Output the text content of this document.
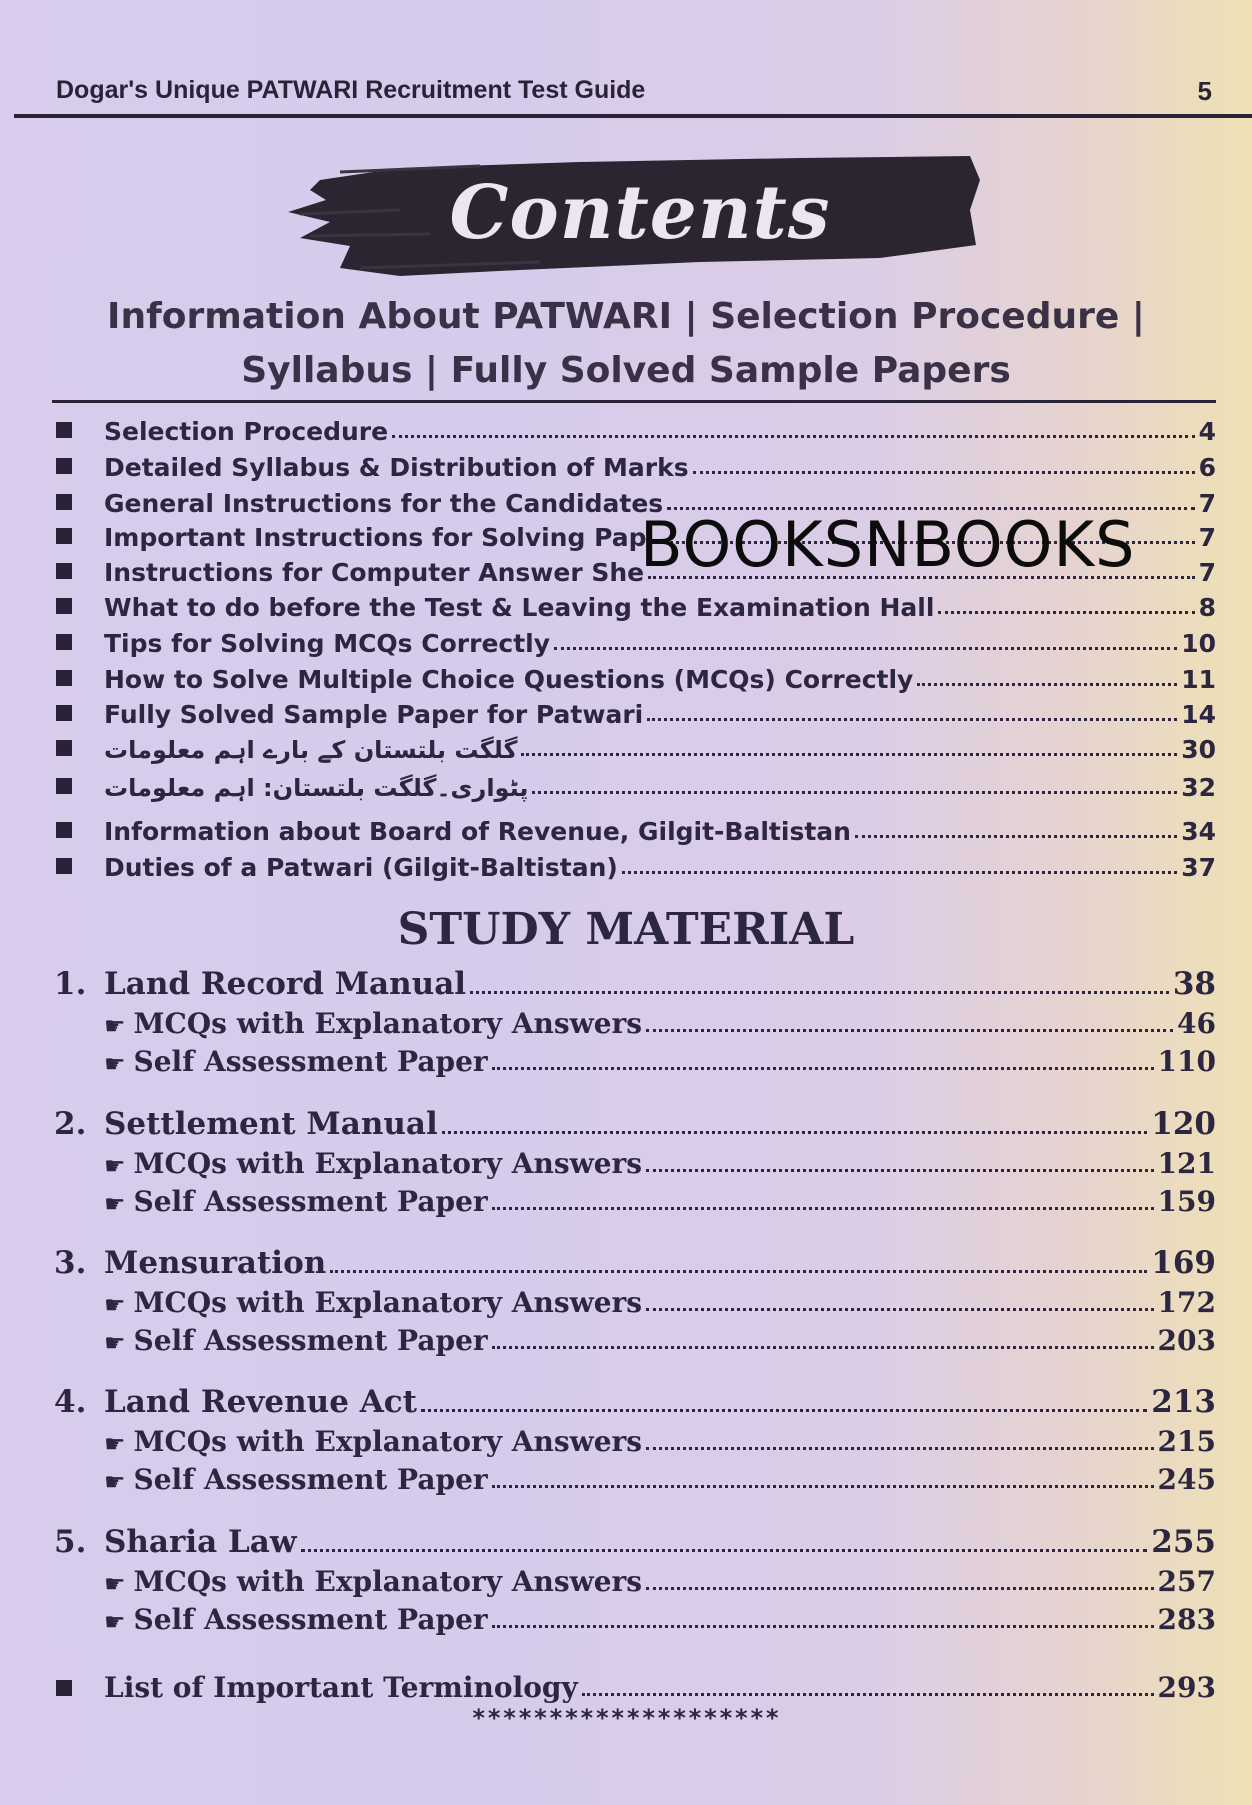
Dogar's Unique PATWARI Recruitment Test Guide	5
Contents
Information About PATWARI | Selection Procedure |
Syllabus | Fully Solved Sample Papers
Selection Procedure	4
Detailed Syllabus & Distribution of Marks	6
General Instructions for the Candidates	7
Important Instructions for Solving Pap	7
Instructions for Computer Answer She	7
What to do before the Test & Leaving the Examination Hall	8
Tips for Solving MCQs Correctly	10
How to Solve Multiple Choice Questions (MCQs) Correctly	11
Fully Solved Sample Paper for Patwari	14
گلگت بلتستان کے بارے اہم معلومات	30
پٹواری۔گلگت بلتستان: اہم معلومات	32
Information about Board of Revenue, Gilgit-Baltistan	34
Duties of a Patwari (Gilgit-Baltistan)	37
BOOKSNBOOKS
STUDY MATERIAL
1. Land Record Manual	38
☛ MCQs with Explanatory Answers	46
☛ Self Assessment Paper	110
2. Settlement Manual	120
☛ MCQs with Explanatory Answers	121
☛ Self Assessment Paper	159
3. Mensuration	169
☛ MCQs with Explanatory Answers	172
☛ Self Assessment Paper	203
4. Land Revenue Act	213
☛ MCQs with Explanatory Answers	215
☛ Self Assessment Paper	245
5. Sharia Law	255
☛ MCQs with Explanatory Answers	257
☛ Self Assessment Paper	283
List of Important Terminology	293
********************
